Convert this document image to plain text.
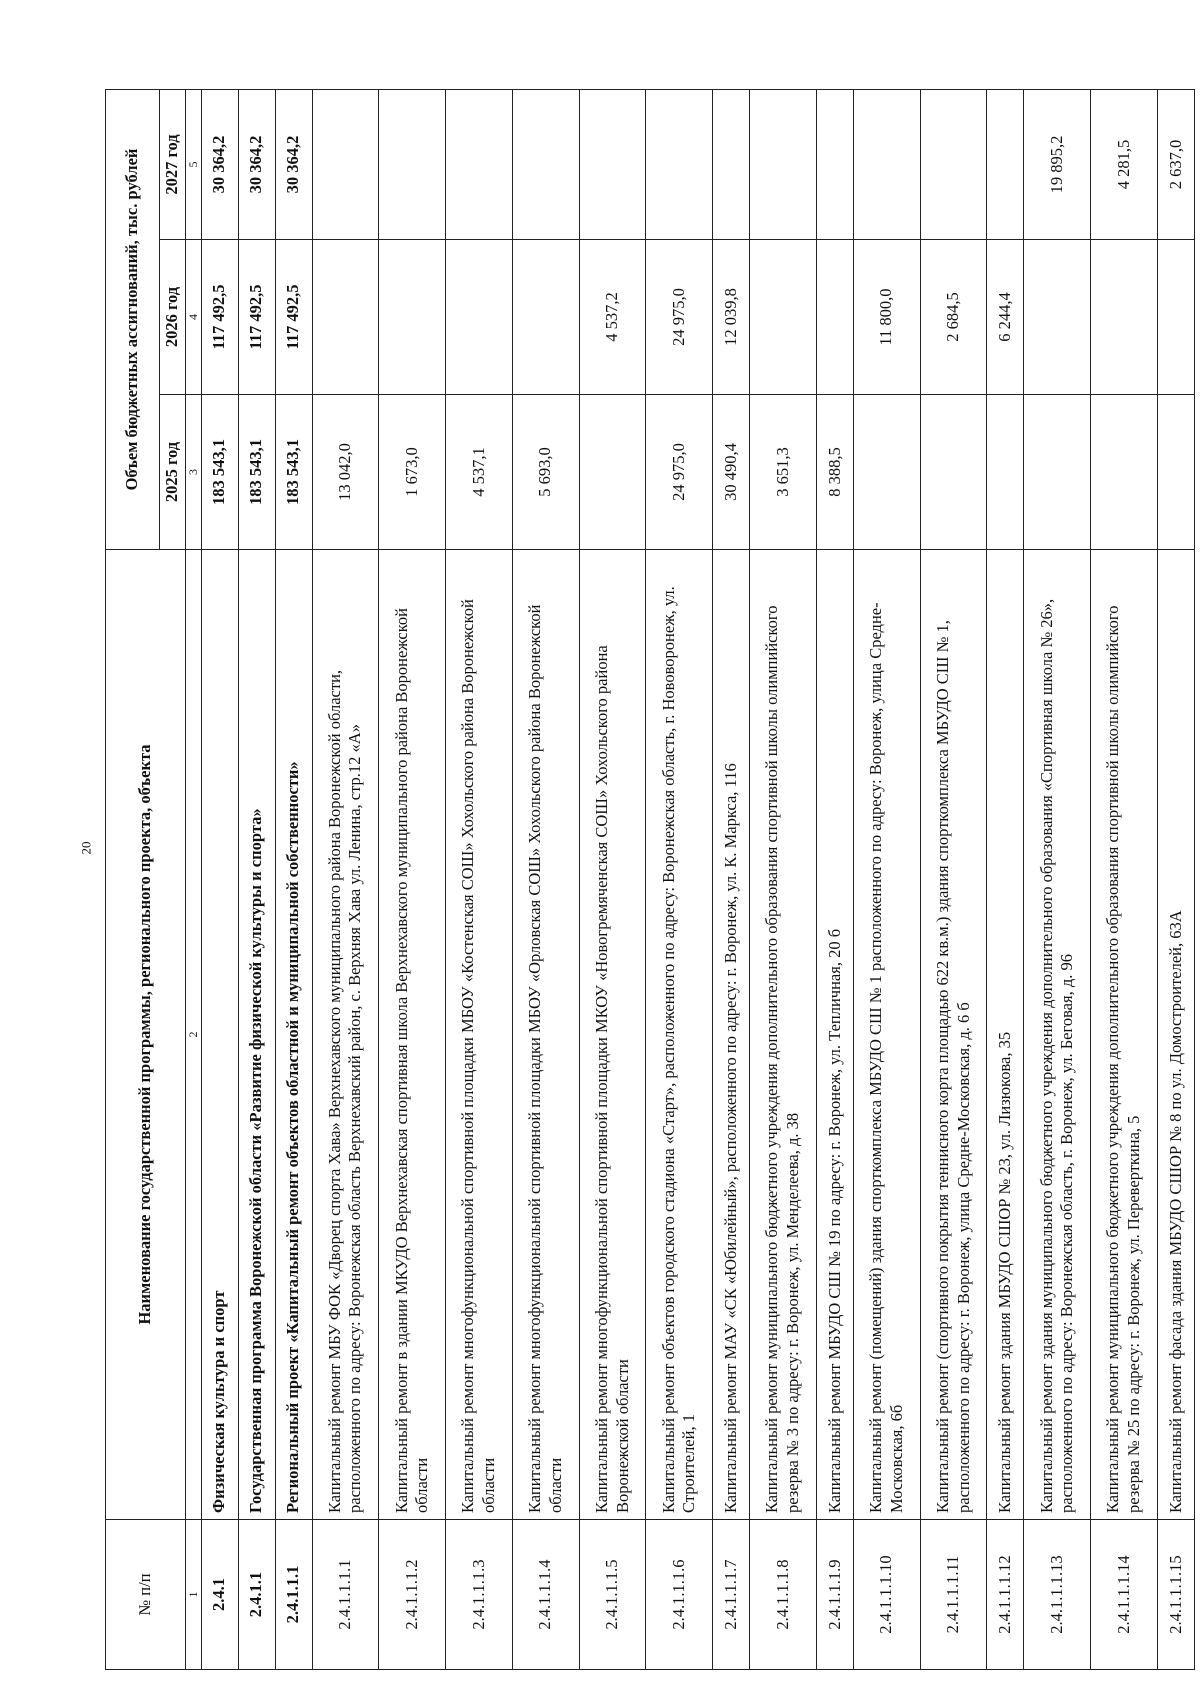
20
№ п/п	Наименование государственной программы, регионального проекта, объекта	Объем бюджетных ассигнований, тыс. рублей		
		2025 год	2026 год	2027 год
1	2	3	4	5
2.4.1	Физическая культура и спорт	183 543,1	117 492,5	30 364,2
2.4.1.1	Государственная программа Воронежской области «Развитие физической культуры и спорта»	183 543,1	117 492,5	30 364,2
2.4.1.1.1	Региональный проект «Капитальный ремонт объектов областной и муниципальной собственности»	183 543,1	117 492,5	30 364,2
2.4.1.1.1.1	Капитальный ремонт МБУ ФОК «Дворец спорта Хава» Верхнехавского муниципального района Воронежской области, расположенного по адресу: Воронежская область Верхнехавский район, с. Верхняя Хава ул. Ленина, стр.12 «А»	13 042,0		
2.4.1.1.1.2	Капитальный ремонт в здании МКУДО Верхнехавская спортивная школа Верхнехавского муниципального района Воронежской области	1 673,0		
2.4.1.1.1.3	Капитальный ремонт многофункциональной спортивной площадки МБОУ «Костенская СОШ» Хохольского района Воронежской области	4 537,1		
2.4.1.1.1.4	Капитальный ремонт многофункциональной спортивной площадки МБОУ «Орловская СОШ» Хохольского района Воронежской области	5 693,0		
2.4.1.1.1.5	Капитальный ремонт многофункциональной спортивной площадки МКОУ «Новогремяченская СОШ» Хохольского района Воронежской области		4 537,2	
2.4.1.1.1.6	Капитальный ремонт объектов городского стадиона «Старт», расположенного по адресу: Воронежская область, г. Нововоронеж, ул. Строителей, 1	24 975,0	24 975,0	
2.4.1.1.1.7	Капитальный ремонт МАУ «СК «Юбилейный», расположенного по адресу: г. Воронеж, ул. К. Маркса, 116	30 490,4	12 039,8	
2.4.1.1.1.8	Капитальный ремонт муниципального бюджетного учреждения дополнительного образования спортивной школы олимпийского резерва № 3 по адресу: г. Воронеж, ул. Менделеева, д. 38	3 651,3		
2.4.1.1.1.9	Капитальный ремонт МБУДО СШ № 19 по адресу: г. Воронеж, ул. Тепличная, 20 б	8 388,5		
2.4.1.1.1.10	Капитальный ремонт (помещений) здания спорткомплекса МБУДО СШ № 1 расположенного по адресу: Воронеж, улица Средне-Московская, 6б		11 800,0	
2.4.1.1.1.11	Капитальный ремонт (спортивного покрытия теннисного корта площадью 622 кв.м.) здания спорткомплекса МБУДО СШ № 1, расположенного по адресу: г. Воронеж, улица Средне-Московская, д. 6 б		2 684,5	
2.4.1.1.1.12	Капитальный ремонт здания МБУДО СШОР № 23, ул. Лизюкова, 35		6 244,4	
2.4.1.1.1.13	Капитальный ремонт здания муниципального бюджетного учреждения дополнительного образования «Спортивная школа № 26», расположенного по адресу: Воронежская область, г. Воронеж, ул. Беговая, д. 96			19 895,2
2.4.1.1.1.14	Капитальный ремонт муниципального бюджетного учреждения дополнительного образования спортивной школы олимпийского резерва № 25 по адресу: г. Воронеж, ул. Переверткина, 5			4 281,5
2.4.1.1.1.15	Капитальный ремонт фасада здания МБУДО СШОР № 8 по ул. Домостроителей, 63А			2 637,0
